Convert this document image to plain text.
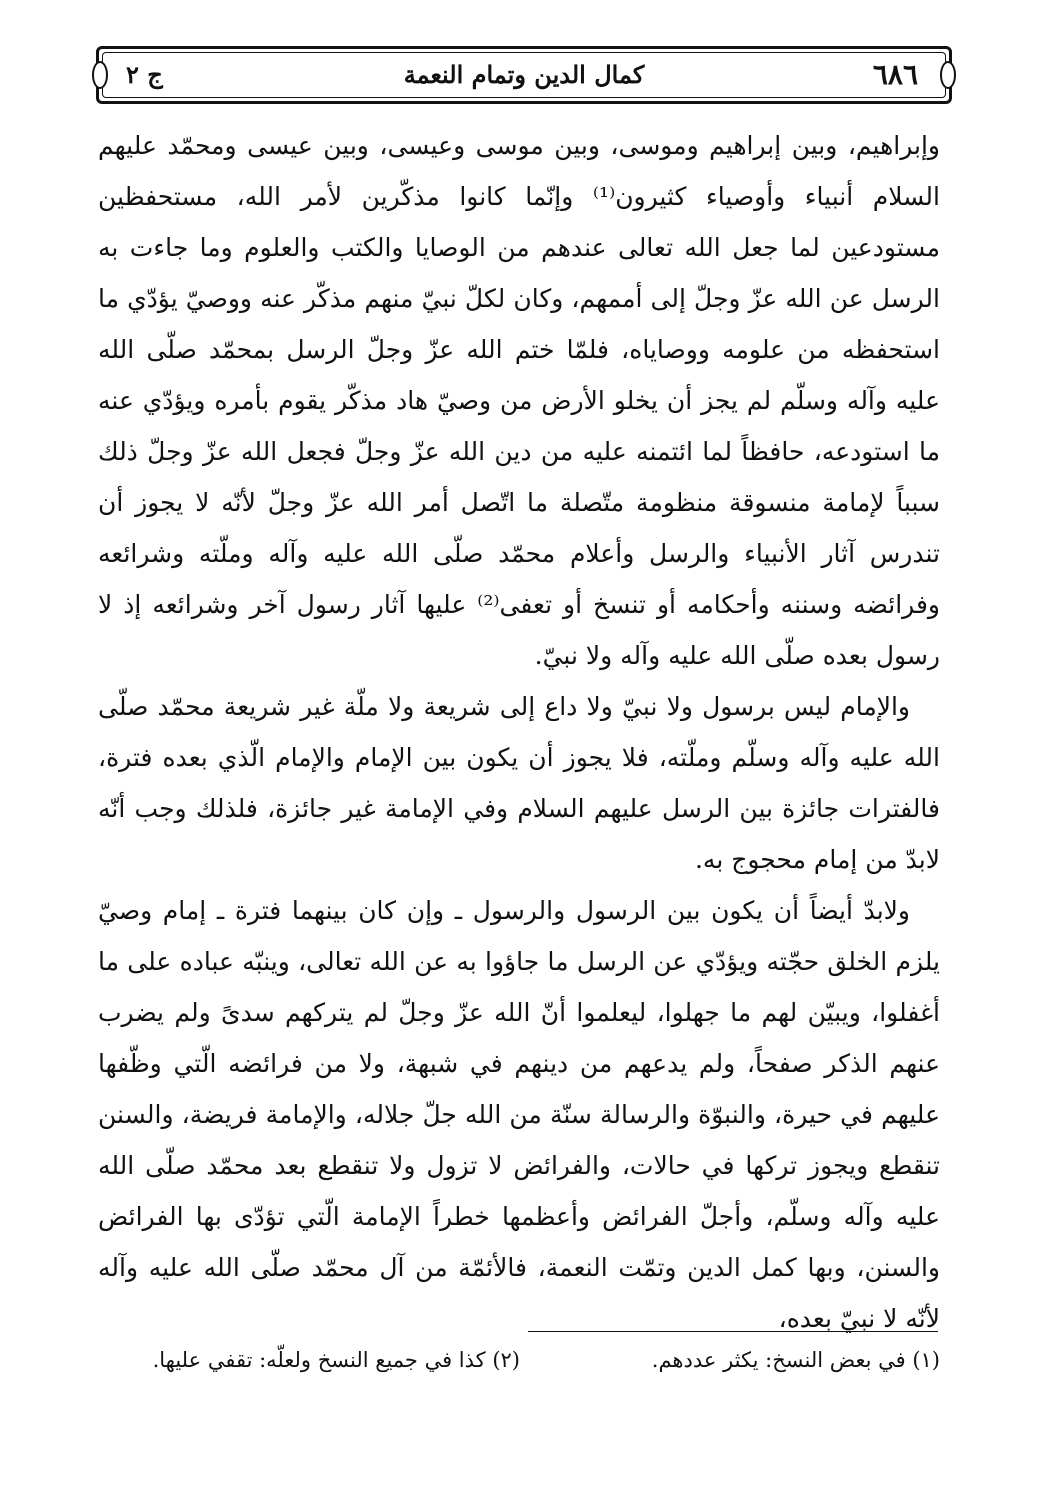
٦٨٦
كمال الدين وتمام النعمة
ج ٢

وإبراهيم، وبين إبراهيم وموسى، وبين موسى وعيسى، وبين عيسى ومحمّد عليهم السلام أنبياء وأوصياء كثيرون⁽¹⁾ وإنّما كانوا مذكّرين لأمر الله، مستحفظين مستودعين لما جعل الله تعالى عندهم من الوصايا والكتب والعلوم وما جاءت به الرسل عن الله عزّ وجلّ إلى أممهم، وكان لكلّ نبيّ منهم مذكّر عنه ووصيّ يؤدّي ما استحفظه من علومه ووصاياه، فلمّا ختم الله عزّ وجلّ الرسل بمحمّد صلّى الله عليه وآله وسلّم لم يجز أن يخلو الأرض من وصيّ هاد مذكّر يقوم بأمره ويؤدّي عنه ما استودعه، حافظاً لما ائتمنه عليه من دين الله عزّ وجلّ فجعل الله عزّ وجلّ ذلك سبباً لإمامة منسوقة منظومة متّصلة ما اتّصل أمر الله عزّ وجلّ لأنّه لا يجوز أن تندرس آثار الأنبياء والرسل وأعلام محمّد صلّى الله عليه وآله وملّته وشرائعه وفرائضه وسننه وأحكامه أو تنسخ أو تعفى⁽²⁾ عليها آثار رسول آخر وشرائعه إذ لا رسول بعده صلّى الله عليه وآله ولا نبيّ.

والإمام ليس برسول ولا نبيّ ولا داع إلى شريعة ولا ملّة غير شريعة محمّد صلّى الله عليه وآله وسلّم وملّته، فلا يجوز أن يكون بين الإمام والإمام الّذي بعده فترة، فالفترات جائزة بين الرسل عليهم السلام وفي الإمامة غير جائزة، فلذلك وجب أنّه لابدّ من إمام محجوج به.

ولابدّ أيضاً أن يكون بين الرسول والرسول ـ وإن كان بينهما فترة ـ إمام وصيّ يلزم الخلق حجّته ويؤدّي عن الرسل ما جاؤوا به عن الله تعالى، وينبّه عباده على ما أغفلوا، ويبيّن لهم ما جهلوا، ليعلموا أنّ الله عزّ وجلّ لم يتركهم سدىً ولم يضرب عنهم الذكر صفحاً، ولم يدعهم من دينهم في شبهة، ولا من فرائضه الّتي وظّفها عليهم في حيرة، والنبوّة والرسالة سنّة من الله جلّ جلاله، والإمامة فريضة، والسنن تنقطع ويجوز تركها في حالات، والفرائض لا تزول ولا تنقطع بعد محمّد صلّى الله عليه وآله وسلّم، وأجلّ الفرائض وأعظمها خطراً الإمامة الّتي تؤدّى بها الفرائض والسنن، وبها كمل الدين وتمّت النعمة، فالأئمّة من آل محمّد صلّى الله عليه وآله لأنّه لا نبيّ بعده،

(١) في بعض النسخ: يكثر عددهم.
(٢) كذا في جميع النسخ ولعلّه: تقفي عليها.
